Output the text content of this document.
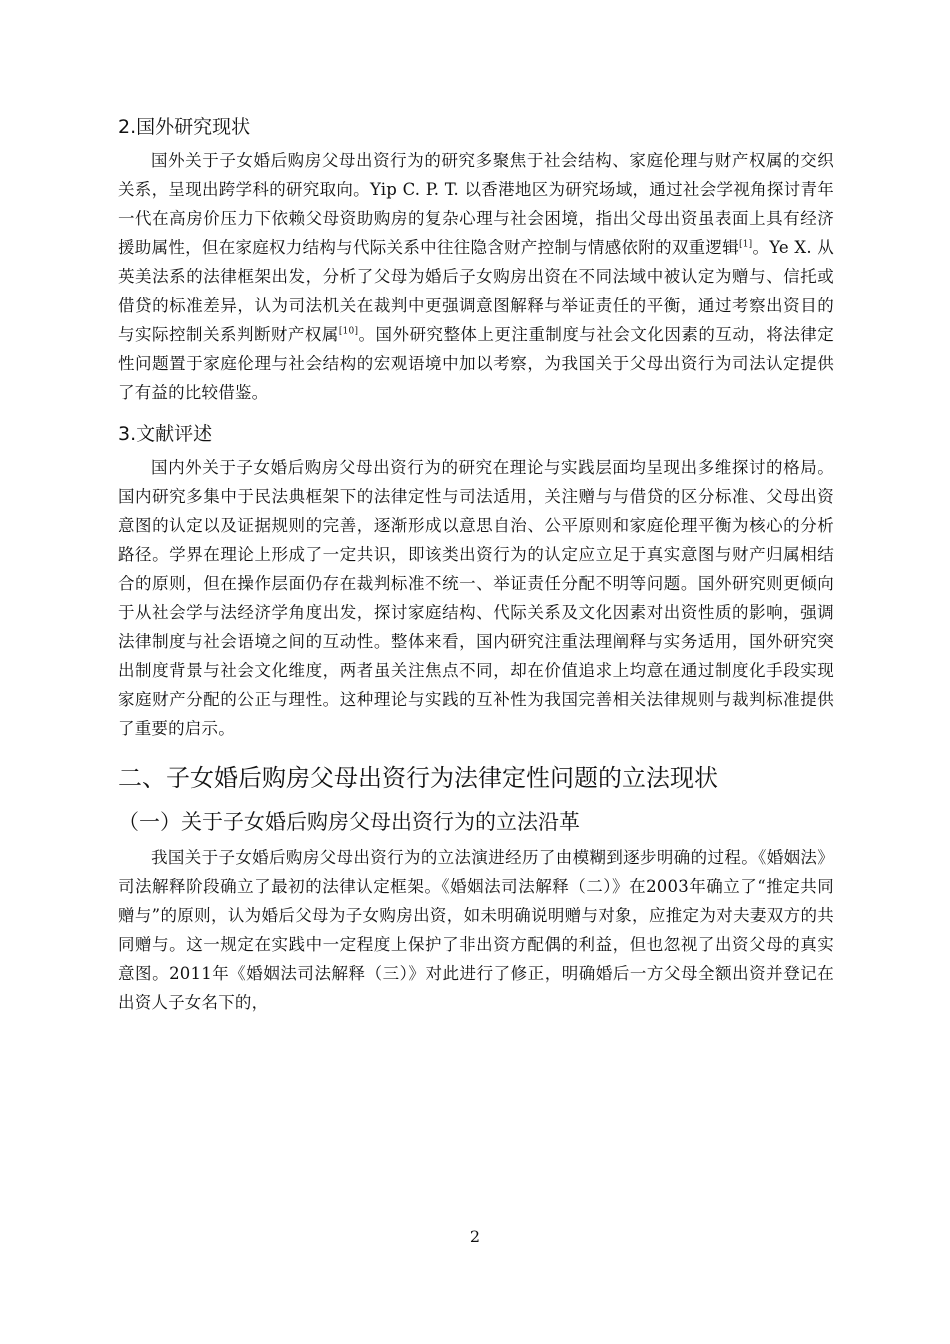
2.国外研究现状

国外关于子女婚后购房父母出资行为的研究多聚焦于社会结构、家庭伦理与财产权属的交织关系，呈现出跨学科的研究取向。Yip C. P. T. 以香港地区为研究场域，通过社会学视角探讨青年一代在高房价压力下依赖父母资助购房的复杂心理与社会困境，指出父母出资虽表面上具有经济援助属性，但在家庭权力结构与代际关系中往往隐含财产控制与情感依附的双重逻辑[1]。Ye X. 从英美法系的法律框架出发，分析了父母为婚后子女购房出资在不同法域中被认定为赠与、信托或借贷的标准差异，认为司法机关在裁判中更强调意图解释与举证责任的平衡，通过考察出资目的与实际控制关系判断财产权属[10]。国外研究整体上更注重制度与社会文化因素的互动，将法律定性问题置于家庭伦理与社会结构的宏观语境中加以考察，为我国关于父母出资行为司法认定提供了有益的比较借鉴。

3.文献评述

国内外关于子女婚后购房父母出资行为的研究在理论与实践层面均呈现出多维探讨的格局。国内研究多集中于民法典框架下的法律定性与司法适用，关注赠与与借贷的区分标准、父母出资意图的认定以及证据规则的完善，逐渐形成以意思自治、公平原则和家庭伦理平衡为核心的分析路径。学界在理论上形成了一定共识，即该类出资行为的认定应立足于真实意图与财产归属相结合的原则，但在操作层面仍存在裁判标准不统一、举证责任分配不明等问题。国外研究则更倾向于从社会学与法经济学角度出发，探讨家庭结构、代际关系及文化因素对出资性质的影响，强调法律制度与社会语境之间的互动性。整体来看，国内研究注重法理阐释与实务适用，国外研究突出制度背景与社会文化维度，两者虽关注焦点不同，却在价值追求上均意在通过制度化手段实现家庭财产分配的公正与理性。这种理论与实践的互补性为我国完善相关法律规则与裁判标准提供了重要的启示。

二、子女婚后购房父母出资行为法律定性问题的立法现状
（一）关于子女婚后购房父母出资行为的立法沿革

我国关于子女婚后购房父母出资行为的立法演进经历了由模糊到逐步明确的过程。《婚姻法》司法解释阶段确立了最初的法律认定框架。《婚姻法司法解释（二）》在2003年确立了“推定共同赠与”的原则，认为婚后父母为子女购房出资，如未明确说明赠与对象，应推定为对夫妻双方的共同赠与。这一规定在实践中一定程度上保护了非出资方配偶的利益，但也忽视了出资父母的真实意图。2011年《婚姻法司法解释（三）》对此进行了修正，明确婚后一方父母全额出资并登记在出资人子女名下的，

2
